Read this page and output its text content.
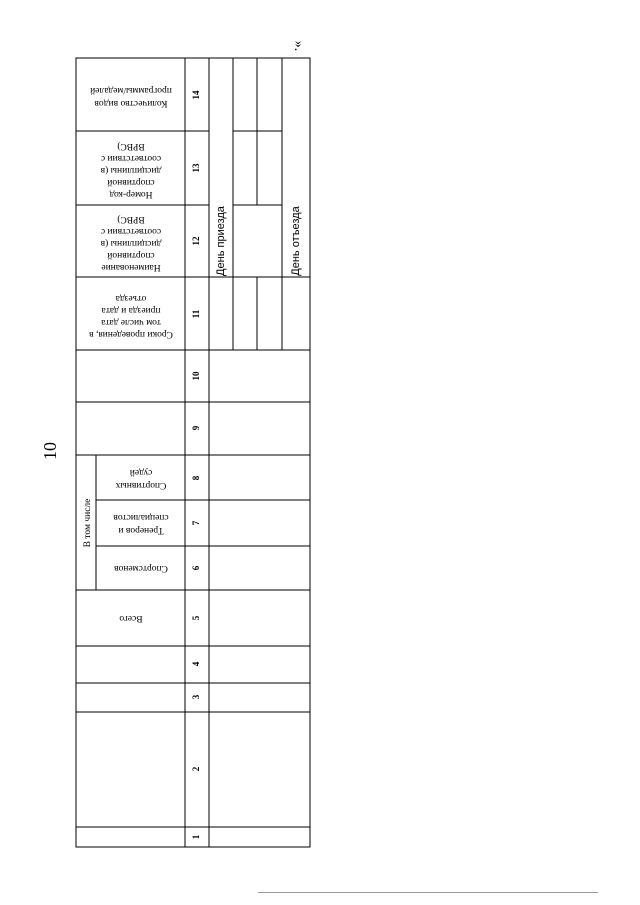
10
».
Всего
В том числе
Спортсменов
Тренеров и
специалистов
Спортивных
судей
Сроки проведения, в
том числе дата
приезда и дата
отъезда
Наименование
спортивной
дисциплины (в
соответствии с
ВРВС)
Номер-код
спортивной
дисциплины (в
соответствии с
ВРВС)
Количество видов
программы/медалей
1
2
3
4
5
6
7
8
9
10
11
12
13
14
День приезда	День отъезда
